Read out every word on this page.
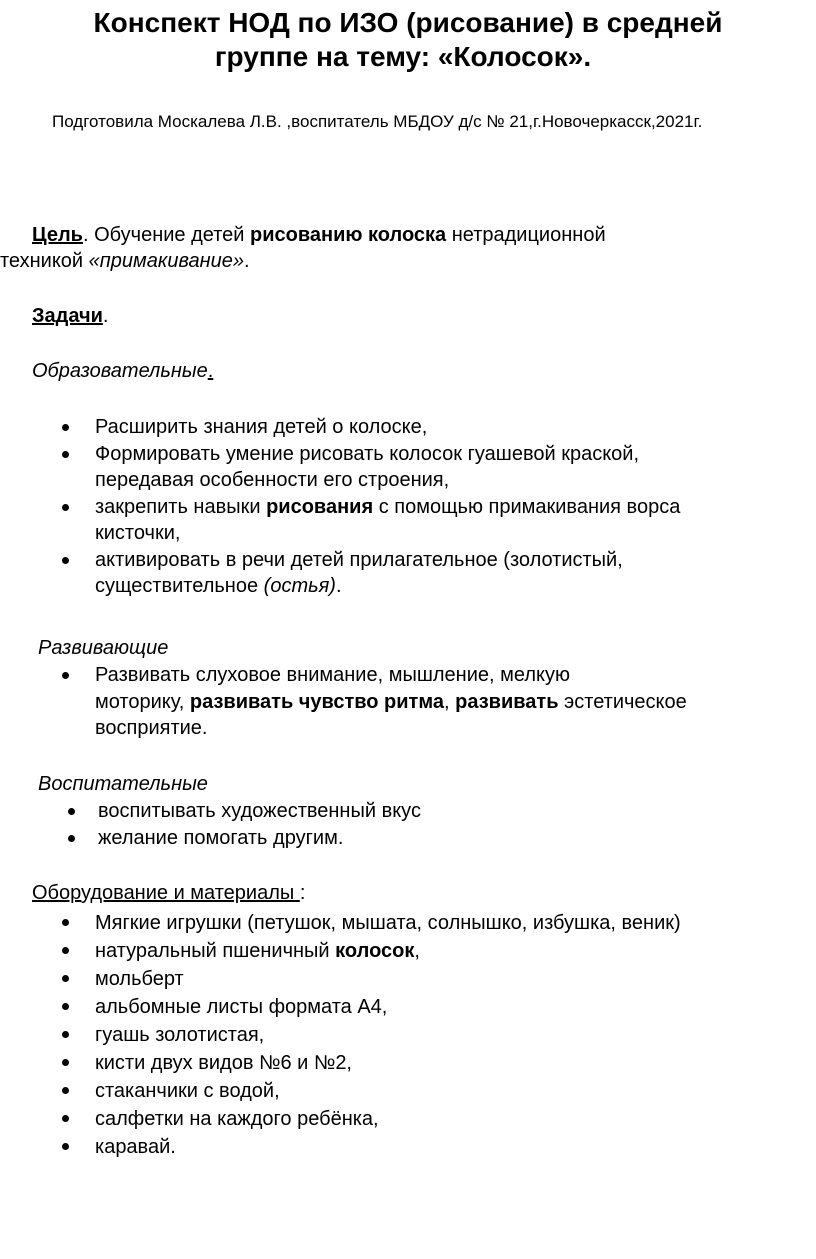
Конспект НОД по ИЗО (рисование) в средней
группе на тему: «Колосок».
Подготовила Москалева Л.В. ,воспитатель МБДОУ д/с № 21,г.Новочеркасск,2021г.
Цель. Обучение детей рисованию колоска нетрадиционной
техникой «примакивание».
Задачи.
Образовательные.
Расширить знания детей о колоске,
Формировать умение рисовать колосок гуашевой краской,
передавая особенности его строения,
закрепить навыки рисования с помощью примакивания ворса
кисточки,
активировать в речи детей прилагательное (золотистый,
существительное (остья).
Развивающие
Развивать слуховое внимание, мышление, мелкую
моторику, развивать чувство ритма, развивать эстетическое
восприятие.
Воспитательные
воспитывать художественный вкус
желание помогать другим.
Оборудование и материалы :
Мягкие игрушки (петушок, мышата, солнышко, избушка, веник)
натуральный пшеничный колосок,
мольберт
альбомные листы формата А4,
гуашь золотистая,
кисти двух видов №6 и №2,
стаканчики с водой,
салфетки на каждого ребёнка,
каравай.
